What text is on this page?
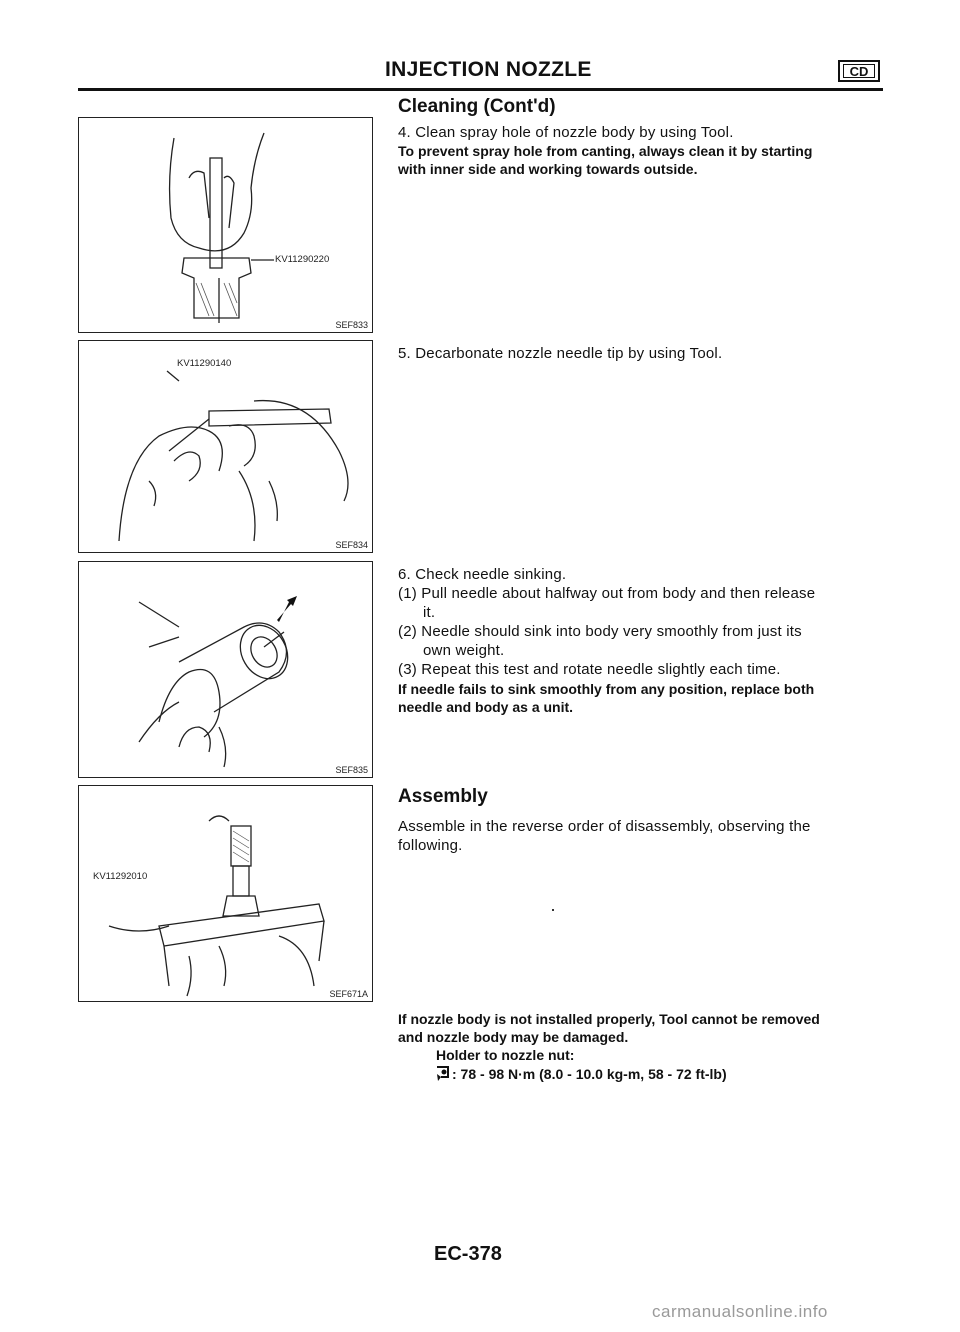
INJECTION NOZZLE	CD
Cleaning (Cont'd)
KV11290220
SEF833
KV11290140
SEF834
SEF835
KV11292010
SEF671A
4. Clean spray hole of nozzle body by using Tool.
To prevent spray hole from canting, always clean it by starting
with inner side and working towards outside.
5. Decarbonate nozzle needle tip by using Tool.
6. Check needle sinking.
(1) Pull needle about halfway out from body and then release
it.
(2) Needle should sink into body very smoothly from just its
own weight.
(3) Repeat this test and rotate needle slightly each time.
If needle fails to sink smoothly from any position, replace both
needle and body as a unit.
Assembly
Assemble in the reverse order of disassembly, observing the
following.
If nozzle body is not installed properly, Tool cannot be removed
and nozzle body may be damaged.
Holder to nozzle nut:
: 78 - 98 N·m (8.0 - 10.0 kg-m, 58 - 72 ft-lb)
EC-378
carmanualsonline.info
